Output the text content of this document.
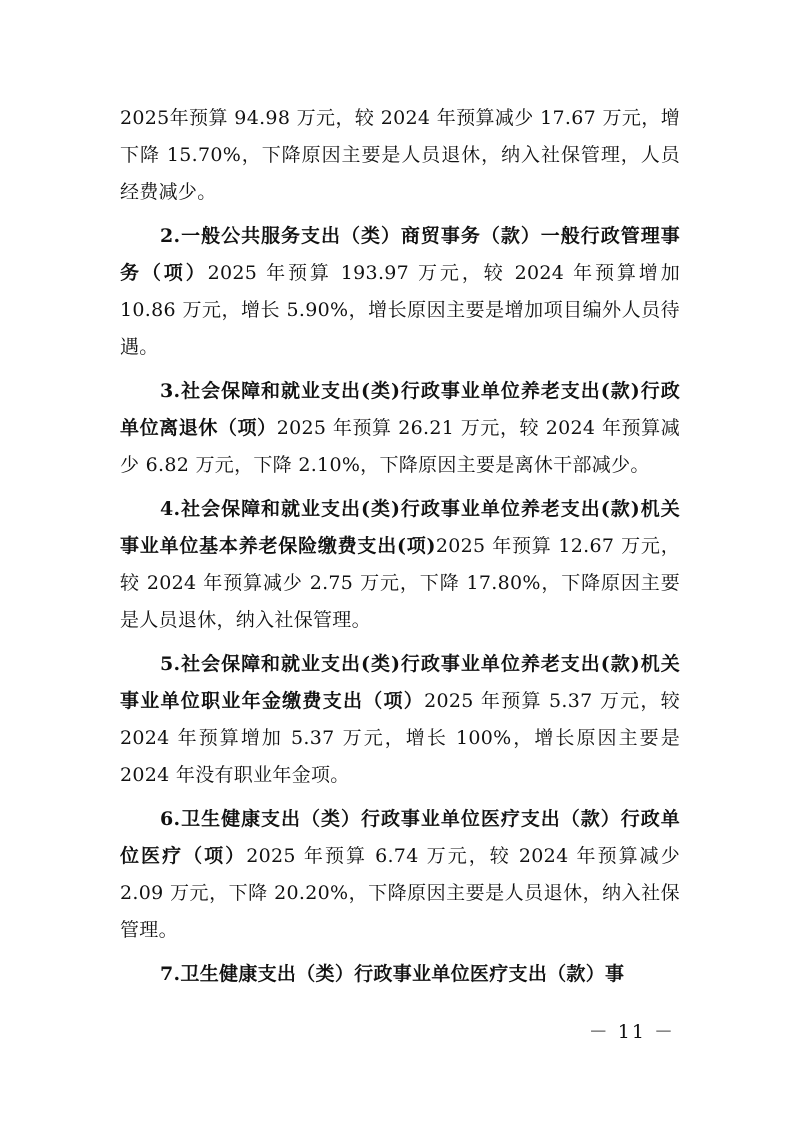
2025年预算 94.98 万元，较 2024 年预算减少 17.67 万元，增下降 15.70%，下降原因主要是人员退休，纳入社保管理，人员经费减少。

2.一般公共服务支出（类）商贸事务（款）一般行政管理事务（项）2025 年预算 193.97 万元，较 2024 年预算增加 10.86 万元，增长 5.90%，增长原因主要是增加项目编外人员待遇。

3.社会保障和就业支出(类)行政事业单位养老支出(款)行政单位离退休（项）2025 年预算 26.21 万元，较 2024 年预算减少 6.82 万元，下降 2.10%，下降原因主要是离休干部减少。

4.社会保障和就业支出(类)行政事业单位养老支出(款)机关事业单位基本养老保险缴费支出(项)2025 年预算 12.67 万元，较 2024 年预算减少 2.75 万元，下降 17.80%，下降原因主要是人员退休，纳入社保管理。

5.社会保障和就业支出(类)行政事业单位养老支出(款)机关事业单位职业年金缴费支出（项）2025 年预算 5.37 万元，较 2024 年预算增加 5.37 万元，增长 100%，增长原因主要是 2024 年没有职业年金项。

6.卫生健康支出（类）行政事业单位医疗支出（款）行政单位医疗（项）2025 年预算 6.74 万元，较 2024 年预算减少 2.09 万元，下降 20.20%，下降原因主要是人员退休，纳入社保管理。

7.卫生健康支出（类）行政事业单位医疗支出（款）事

－ 11 －
